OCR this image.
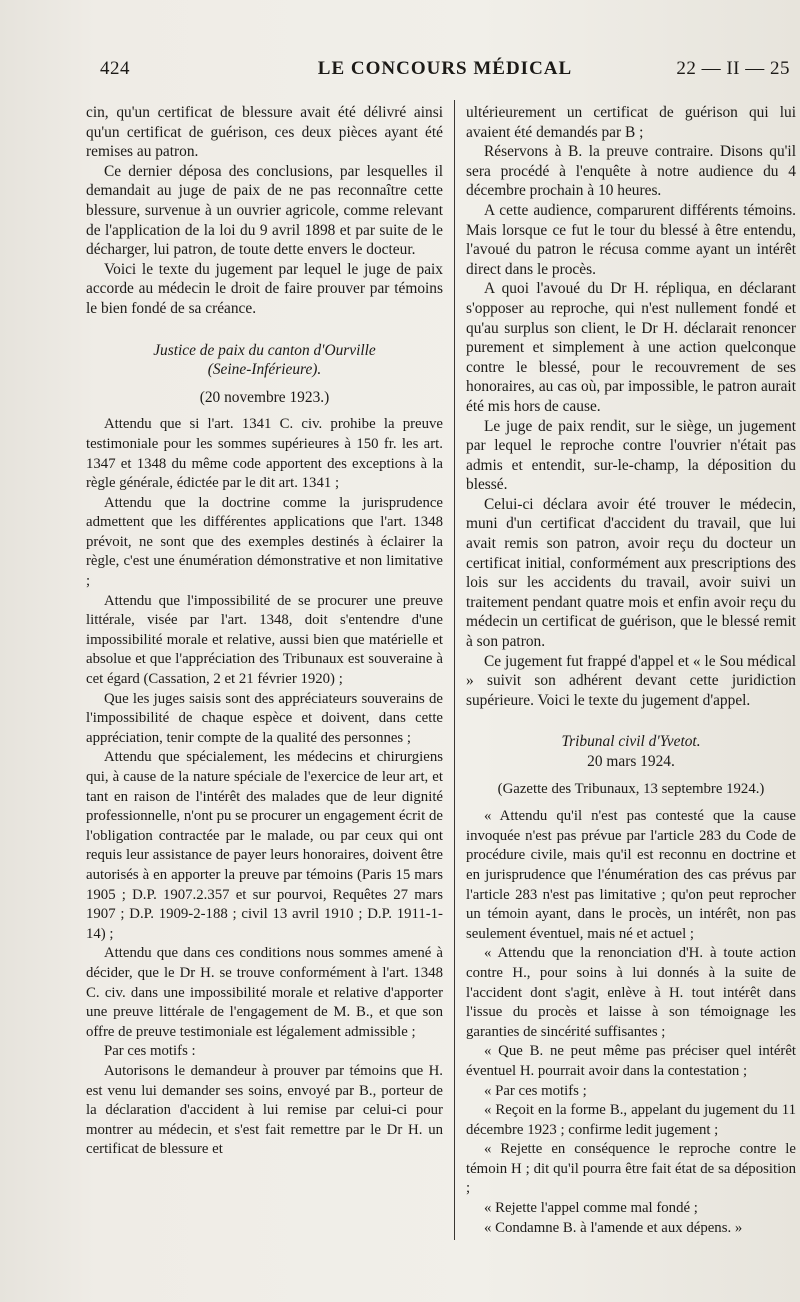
424	LE CONCOURS MÉDICAL	22 — II — 25

cin, qu'un certificat de blessure avait été délivré ainsi qu'un certificat de guérison, ces deux pièces ayant été remises au patron.

Ce dernier déposa des conclusions, par lesquelles il demandait au juge de paix de ne pas reconnaître cette blessure, survenue à un ouvrier agricole, comme relevant de l'application de la loi du 9 avril 1898 et par suite de le décharger, lui patron, de toute dette envers le docteur.

Voici le texte du jugement par lequel le juge de paix accorde au médecin le droit de faire prouver par témoins le bien fondé de sa créance.

Justice de paix du canton d'Ourville

(Seine-Inférieure).

(20 novembre 1923.)

Attendu que si l'art. 1341 C. civ. prohibe la preuve testimoniale pour les sommes supérieures à 150 fr. les art. 1347 et 1348 du même code apportent des exceptions à la règle générale, édictée par le dit art. 1341 ;

Attendu que la doctrine comme la jurisprudence admettent que les différentes applications que l'art. 1348 prévoit, ne sont que des exemples destinés à éclairer la règle, c'est une énumération démonstrative et non limitative ;

Attendu que l'impossibilité de se procurer une preuve littérale, visée par l'art. 1348, doit s'entendre d'une impossibilité morale et relative, aussi bien que matérielle et absolue et que l'appréciation des Tribunaux est souveraine à cet égard (Cassation, 2 et 21 février 1920) ;

Que les juges saisis sont des appréciateurs souverains de l'impossibilité de chaque espèce et doivent, dans cette appréciation, tenir compte de la qualité des personnes ;

Attendu que spécialement, les médecins et chirurgiens qui, à cause de la nature spéciale de l'exercice de leur art, et tant en raison de l'intérêt des malades que de leur dignité professionnelle, n'ont pu se procurer un engagement écrit de l'obligation contractée par le malade, ou par ceux qui ont requis leur assistance de payer leurs honoraires, doivent être autorisés à en apporter la preuve par témoins (Paris 15 mars 1905 ; D.P. 1907.2.357 et sur pourvoi, Requêtes 27 mars 1907 ; D.P. 1909-2-188 ; civil 13 avril 1910 ; D.P. 1911-1-14) ;

Attendu que dans ces conditions nous sommes amené à décider, que le Dr H. se trouve conformément à l'art. 1348 C. civ. dans une impossibilité morale et relative d'apporter une preuve littérale de l'engagement de M. B., et que son offre de preuve testimoniale est légalement admissible ;

Par ces motifs :

Autorisons le demandeur à prouver par témoins que H. est venu lui demander ses soins, envoyé par B., porteur de la déclaration d'accident à lui remise par celui-ci pour montrer au médecin, et s'est fait remettre par le Dr H. un certificat de blessure et

ultérieurement un certificat de guérison qui lui avaient été demandés par B ;

Réservons à B. la preuve contraire. Disons qu'il sera procédé à l'enquête à notre audience du 4 décembre prochain à 10 heures.

A cette audience, comparurent différents témoins. Mais lorsque ce fut le tour du blessé à être entendu, l'avoué du patron le récusa comme ayant un intérêt direct dans le procès.

A quoi l'avoué du Dr H. répliqua, en déclarant s'opposer au reproche, qui n'est nullement fondé et qu'au surplus son client, le Dr H. déclarait renoncer purement et simplement à une action quelconque contre le blessé, pour le recouvrement de ses honoraires, au cas où, par impossible, le patron aurait été mis hors de cause.

Le juge de paix rendit, sur le siège, un jugement par lequel le reproche contre l'ouvrier n'était pas admis et entendit, sur-le-champ, la déposition du blessé.

Celui-ci déclara avoir été trouver le médecin, muni d'un certificat d'accident du travail, que lui avait remis son patron, avoir reçu du docteur un certificat initial, conformément aux prescriptions des lois sur les accidents du travail, avoir suivi un traitement pendant quatre mois et enfin avoir reçu du médecin un certificat de guérison, que le blessé remit à son patron.

Ce jugement fut frappé d'appel et « le Sou médical » suivit son adhérent devant cette juridiction supérieure. Voici le texte du jugement d'appel.

Tribunal civil d'Yvetot.

20 mars 1924.

(Gazette des Tribunaux, 13 septembre 1924.)

« Attendu qu'il n'est pas contesté que la cause invoquée n'est pas prévue par l'article 283 du Code de procédure civile, mais qu'il est reconnu en doctrine et en jurisprudence que l'énumération des cas prévus par l'article 283 n'est pas limitative ; qu'on peut reprocher un témoin ayant, dans le procès, un intérêt, non pas seulement éventuel, mais né et actuel ;

« Attendu que la renonciation d'H. à toute action contre H., pour soins à lui donnés à la suite de l'accident dont s'agit, enlève à H. tout intérêt dans l'issue du procès et laisse à son témoignage les garanties de sincérité suffisantes ;

« Que B. ne peut même pas préciser quel intérêt éventuel H. pourrait avoir dans la contestation ;

« Par ces motifs ;

« Reçoit en la forme B., appelant du jugement du 11 décembre 1923 ; confirme ledit jugement ;

« Rejette en conséquence le reproche contre le témoin H ; dit qu'il pourra être fait état de sa déposition ;

« Rejette l'appel comme mal fondé ;

« Condamne B. à l'amende et aux dépens. »
